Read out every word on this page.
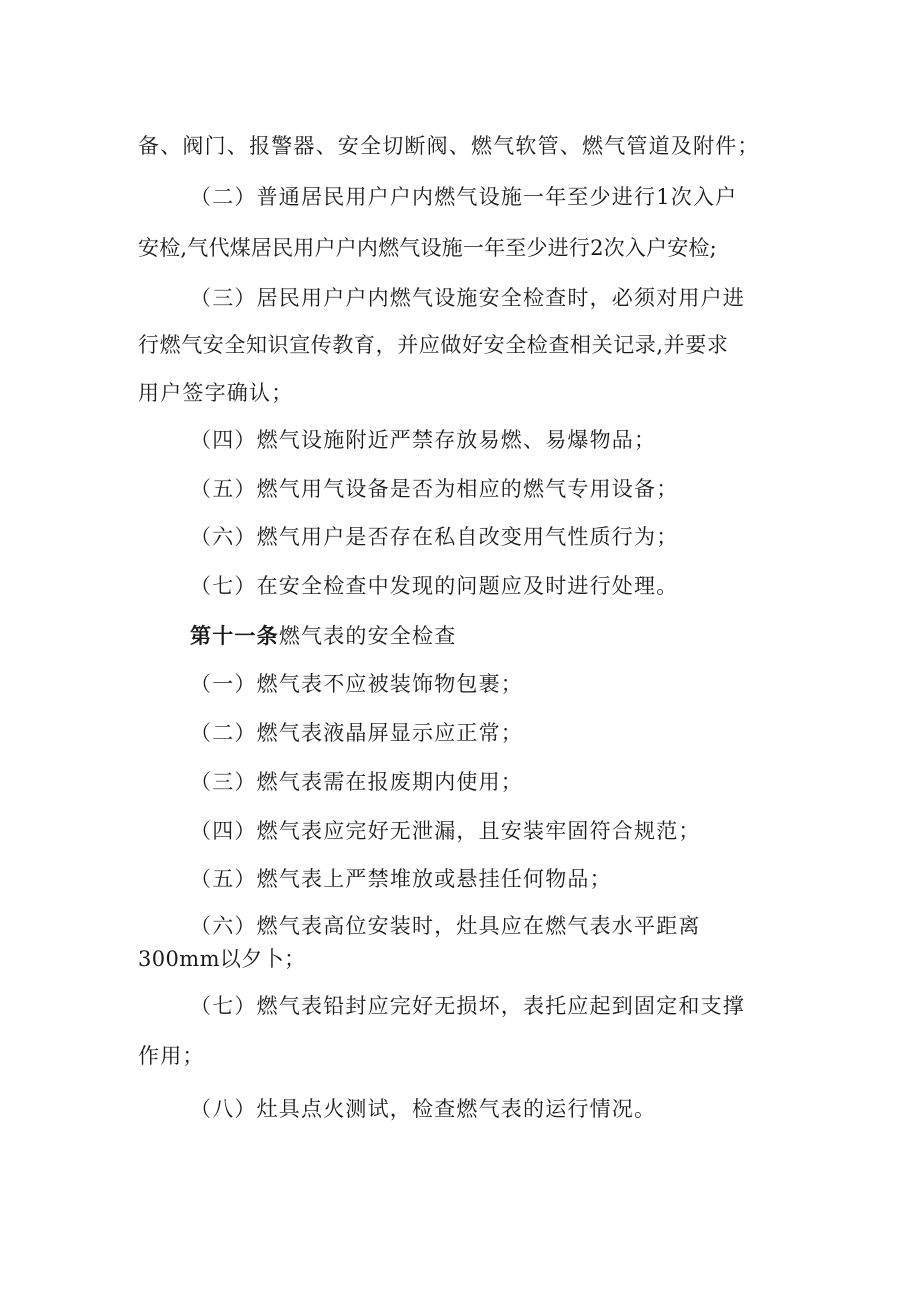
备、阀门、报警器、安全切断阀、燃气软管、燃气管道及附件；
（二）普通居民用户户内燃气设施一年至少进行1次入户
安检,气代煤居民用户户内燃气设施一年至少进行2次入户安检;
（三）居民用户户内燃气设施安全检查时，必须对用户进
行燃气安全知识宣传教育，并应做好安全检查相关记录,并要求
用户签字确认；
（四）燃气设施附近严禁存放易燃、易爆物品；
（五）燃气用气设备是否为相应的燃气专用设备；
（六）燃气用户是否存在私自改变用气性质行为；
（七）在安全检查中发现的问题应及时进行处理。
第十一条燃气表的安全检查
（一）燃气表不应被装饰物包裹；
（二）燃气表液晶屏显示应正常；
（三）燃气表需在报废期内使用；
（四）燃气表应完好无泄漏，且安装牢固符合规范；
（五）燃气表上严禁堆放或悬挂任何物品；
（六）燃气表高位安装时，灶具应在燃气表水平距离
300mm以夕卜；
（七）燃气表铅封应完好无损坏，表托应起到固定和支撑
作用；
（八）灶具点火测试，检查燃气表的运行情况。
